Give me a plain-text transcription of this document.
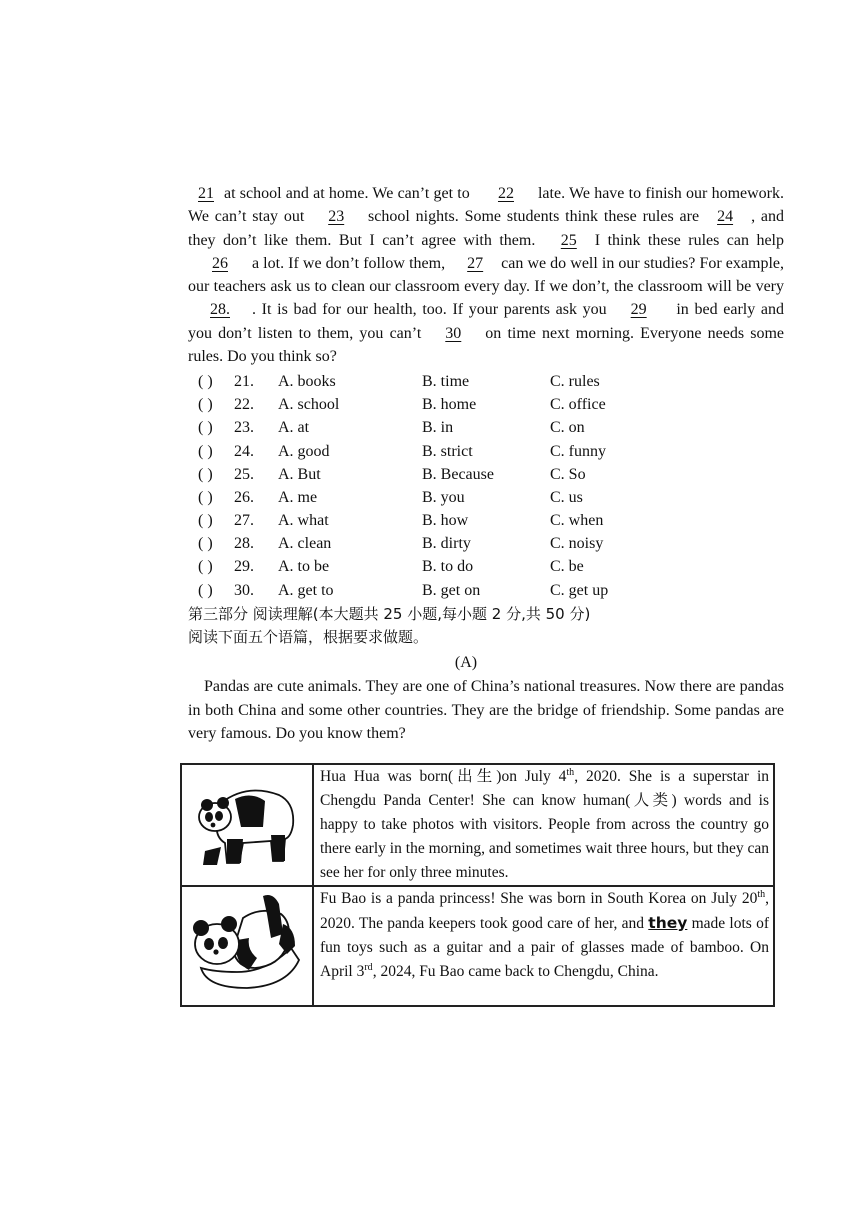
21 at school and at home. We can’t get to 22 late. We have to finish our homework. We can’t stay out 23 school nights. Some students think these rules are 24 , and they don’t like them. But I can’t agree with them. 25 I think these rules can help26 a lot. If we don’t follow them, 27 can we do well in our studies? For example, our teachers ask us to clean our classroom every day. If we don’t, the classroom will be very 28. . It is bad for our health, too. If your parents ask you 29 in bed early and you don’t listen to them, you can’t 30 on time next morning. Everyone needs some rules. Do you think so?

( )	21.	A. books	B. time	C. rules
( )	22.	A. school	B. home	C. office
( )	23.	A. at	B. in	C. on
( )	24.	A. good	B. strict	C. funny
( )	25.	A. But	B. Because	C. So
( )	26.	A. me	B. you	C. us
( )	27.	A. what	B. how	C. when
( )	28.	A. clean	B. dirty	C. noisy
( )	29.	A. to be	B. to do	C. be
( )	30.	A. get to	B. get on	C. get up
第三部分 阅读理解(本大题共 25 小题,每小题 2 分,共 50 分)
阅读下面五个语篇，根据要求做题。
(A)

Pandas are cute animals. They are one of China’s national treasures. Now there are pandas in both China and some other countries. They are the bridge of friendship. Some pandas are very famous. Do you know them?

	Hua Hua was born(出生)on July 4th, 2020. She is a superstar in Chengdu Panda Center! She can know human(人类) words and is happy to take photos with visitors. People from across the country go there early in the morning, and sometimes wait three hours, but they can see her for only three minutes.
	Fu Bao is a panda princess! She was born in South Korea on July 20th, 2020. The panda keepers took good care of her, and they made lots of fun toys such as a guitar and a pair of glasses made of bamboo. On April 3rd, 2024, Fu Bao came back to Chengdu, China.
